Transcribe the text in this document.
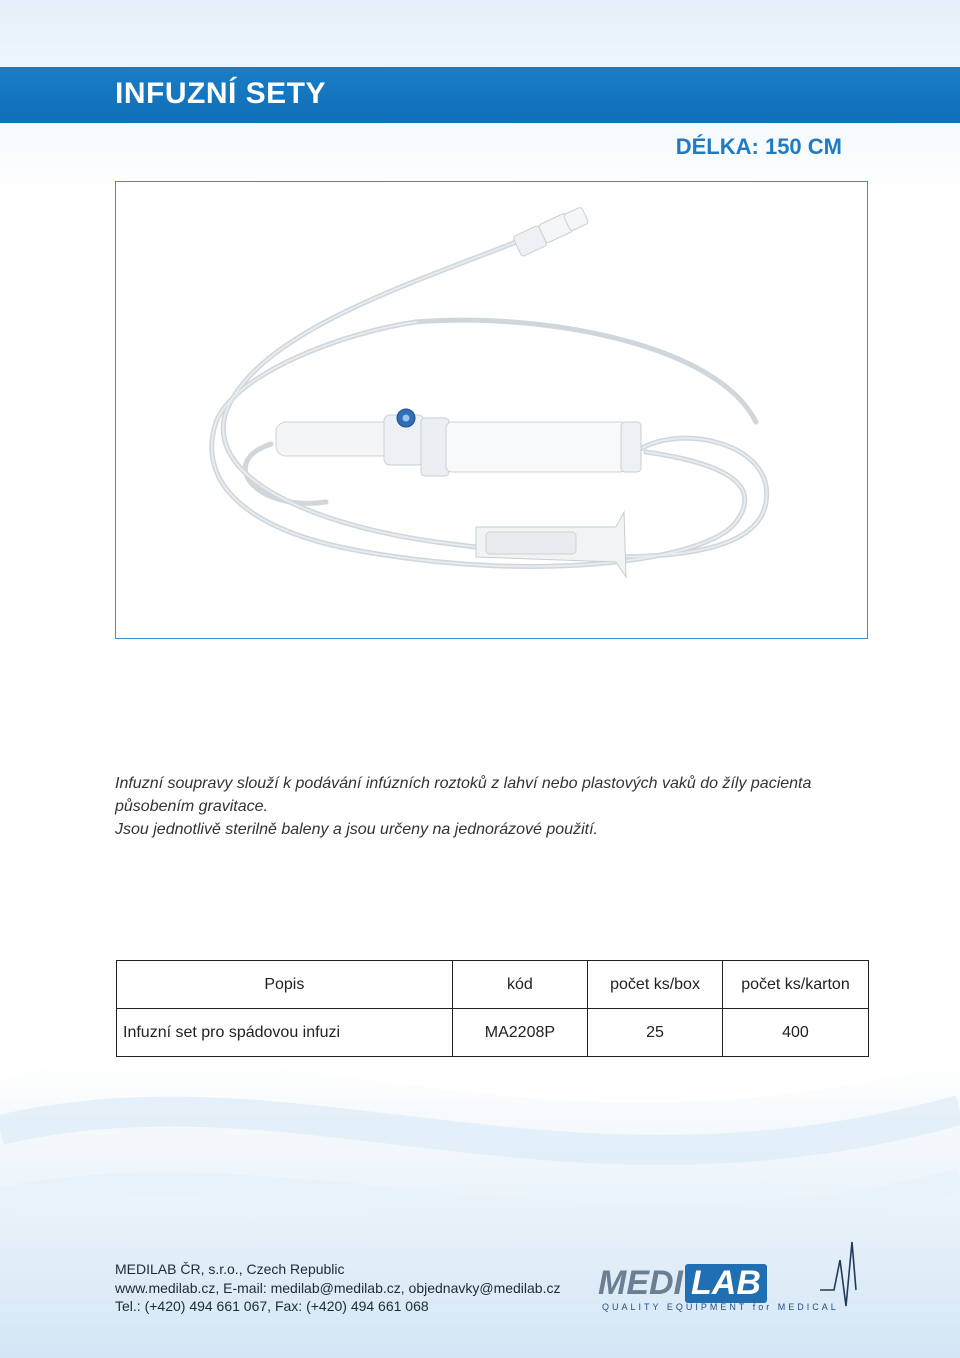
INFUZNÍ SETY
DÉLKA: 150 CM

Infuzní soupravy slouží k podávání infúzních roztoků z lahví nebo plastových vaků do žíly pacienta

působením gravitace.

Jsou jednotlivě sterilně baleny a jsou určeny na jednorázové použití.

Popis	kód	počet ks/box	počet ks/karton
Infuzní set pro spádovou infuzi	MA2208P	25	400
MEDILAB ČR, s.r.o., Czech Republic
www.medilab.cz, E-mail: medilab@medilab.cz, objednavky@medilab.cz
Tel.: (+420) 494 661 067, Fax: (+420) 494 661 068
MEDI LAB
QUALITY EQUIPMENT for MEDICAL
